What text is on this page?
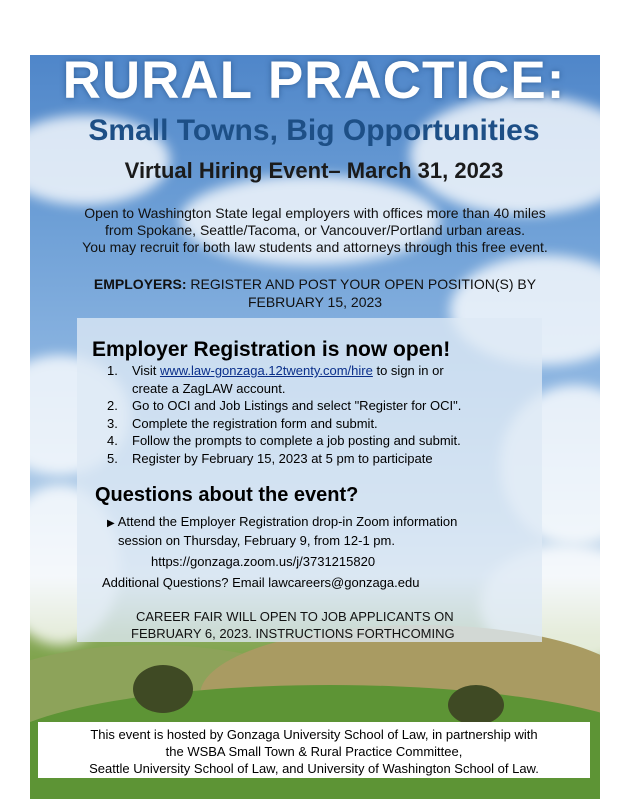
RURAL PRACTICE:
Small Towns, Big Opportunities
Virtual Hiring Event– March 31, 2023

Open to Washington State legal employers with offices more than 40 miles

from Spokane, Seattle/Tacoma, or Vancouver/Portland urban areas.

You may recruit for both law students and attorneys through this free event.

EMPLOYERS: REGISTER AND POST YOUR OPEN POSITION(S) BY
FEBRUARY 15, 2023
Employer Registration is now open!
1.	Visit www.law-gonzaga.12twenty.com/hire to sign in or
create a ZagLAW account.
2.	Go to OCI and Job Listings and select "Register for OCI".
3.	Complete the registration form and submit.
4.	Follow the prompts to complete a job posting and submit.
5.	Register by February 15, 2023 at 5 pm to participate
Questions about the event?
▶ Attend the Employer Registration drop-in Zoom information
session on Thursday, February 9, from 12-1 pm.
https://gonzaga.zoom.us/j/3731215820
Additional Questions? Email lawcareers@gonzaga.edu
CAREER FAIR WILL OPEN TO JOB APPLICANTS ON
FEBRUARY 6, 2023. INSTRUCTIONS FORTHCOMING

This event is hosted by Gonzaga University School of Law, in partnership with

the WSBA Small Town & Rural Practice Committee,

Seattle University School of Law, and University of Washington School of Law.
